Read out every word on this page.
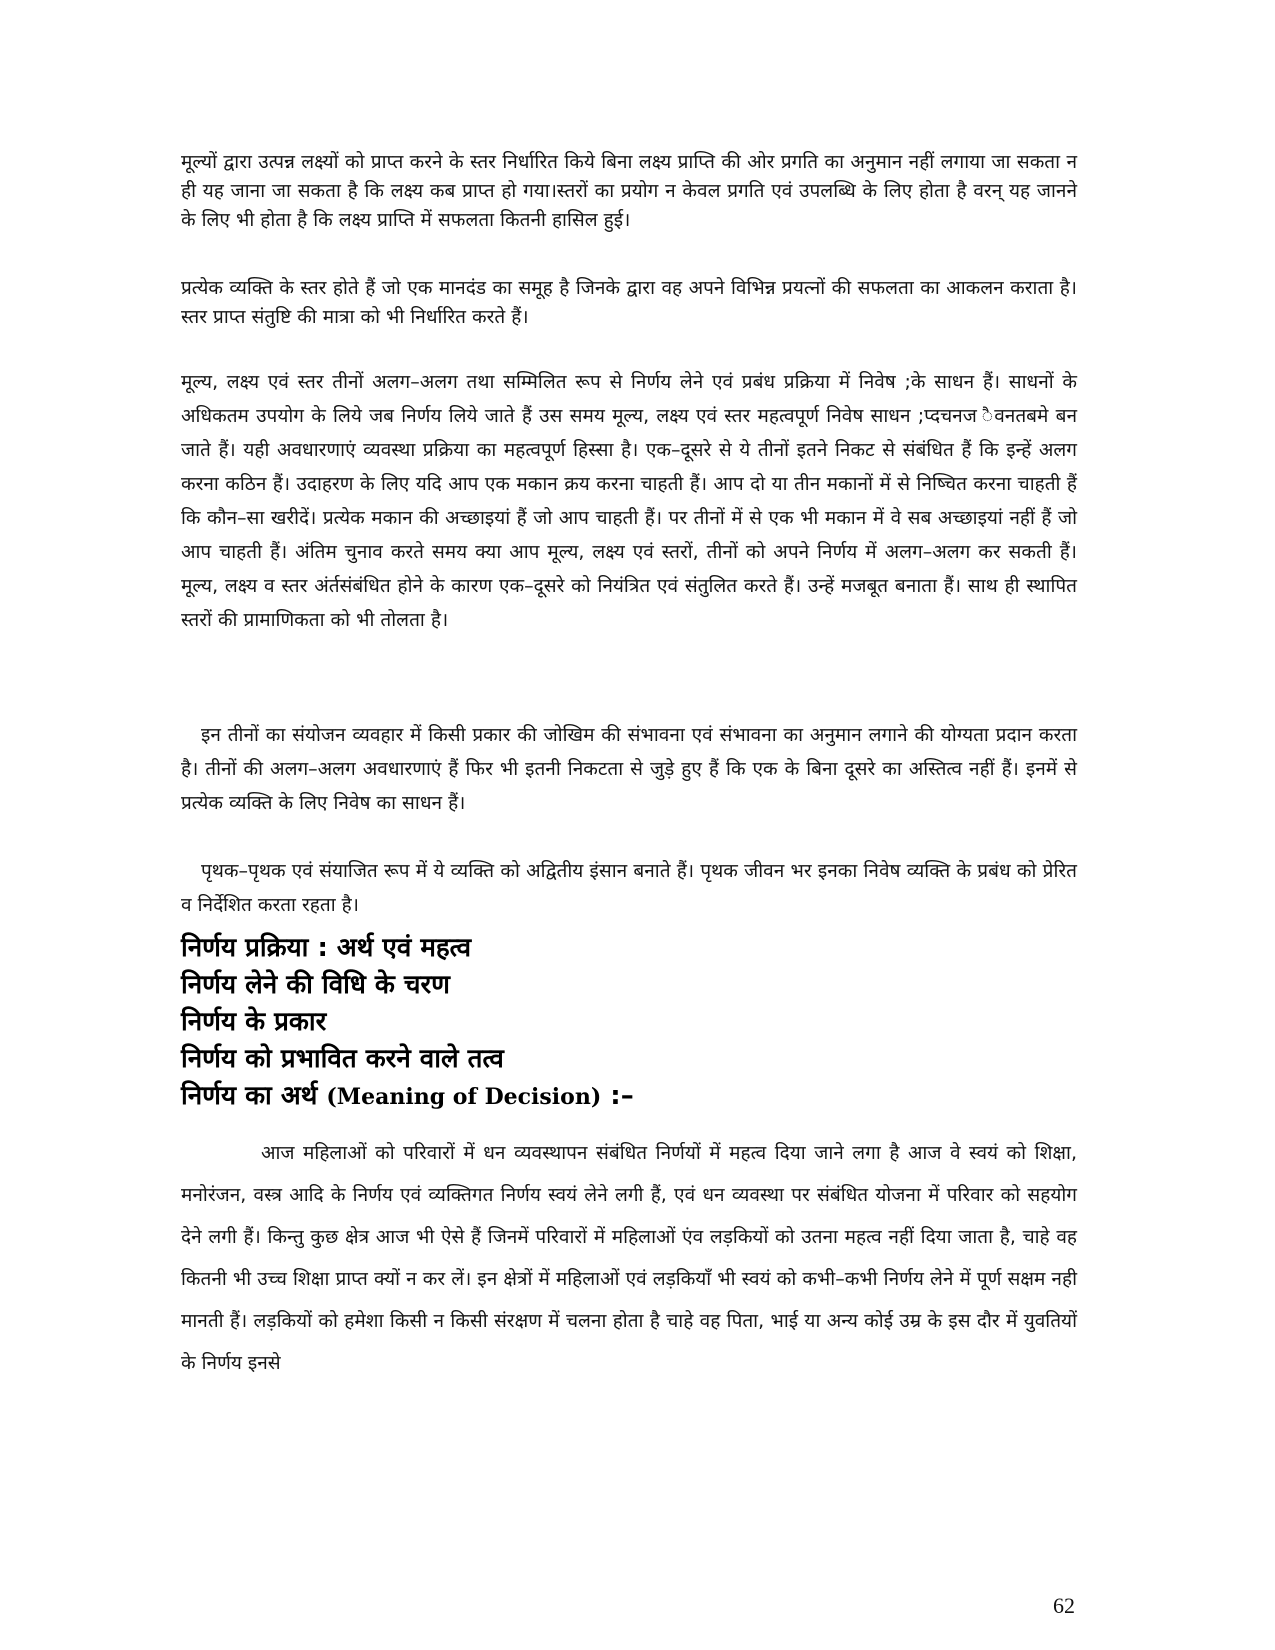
मूल्यों द्वारा उत्पन्न लक्ष्यों को प्राप्त करने के स्तर निर्धारित किये बिना लक्ष्य प्राप्ति की ओर प्रगति का अनुमान नहीं लगाया जा सकता न ही यह जाना जा सकता है कि लक्ष्य कब प्राप्त हो गया।स्तरों का प्रयोग न केवल प्रगति एवं उपलब्धि के लिए होता है वरन् यह जानने के लिए भी होता है कि लक्ष्य प्राप्ति में सफलता कितनी हासिल हुई।

प्रत्येक व्यक्ति के स्तर होते हैं जो एक मानदंड का समूह है जिनके द्वारा वह अपने विभिन्न प्रयत्नों की सफलता का आकलन कराता है।स्तर प्राप्त संतुष्टि की मात्रा को भी निर्धारित करते हैं।

मूल्य, लक्ष्य एवं स्तर तीनों अलग–अलग तथा सम्मिलित रूप से निर्णय लेने एवं प्रबंध प्रक्रिया में निवेष ;के साधन हैं। साधनों के अधिकतम उपयोग के लिये जब निर्णय लिये जाते हैं उस समय मूल्य, लक्ष्य एवं स्तर महत्वपूर्ण निवेष साधन ;प्दचनज ैवनतबमे बन जाते हैं। यही अवधारणाएं व्यवस्था प्रक्रिया का महत्वपूर्ण हिस्सा है। एक–दूसरे से ये तीनों इतने निकट से संबंधित हैं कि इन्हें अलग करना कठिन हैं। उदाहरण के लिए यदि आप एक मकान क्रय करना चाहती हैं। आप दो या तीन मकानों में से निष्चित करना चाहती हैं कि कौन–सा खरीदें। प्रत्येक मकान की अच्छाइयां हैं जो आप चाहती हैं। पर तीनों में से एक भी मकान में वे सब अच्छाइयां नहीं हैं जो आप चाहती हैं। अंतिम चुनाव करते समय क्या आप मूल्य, लक्ष्य एवं स्तरों, तीनों को अपने निर्णय में अलग–अलग कर सकती हैं। मूल्य, लक्ष्य व स्तर अंर्तसंबंधित होने के कारण एक–दूसरे को नियंत्रित एवं संतुलित करते हैं। उन्हें मजबूत बनाता हैं। साथ ही स्थापित स्तरों की प्रामाणिकता को भी तोलता है।

इन तीनों का संयोजन व्यवहार में किसी प्रकार की जोखिम की संभावना एवं संभावना का अनुमान लगाने की योग्यता प्रदान करता है। तीनों की अलग–अलग अवधारणाएं हैं फिर भी इतनी निकटता से जुड़े हुए हैं कि एक के बिना दूसरे का अस्तित्व नहीं हैं। इनमें से प्रत्येक व्यक्ति के लिए निवेष का साधन हैं।

पृथक–पृथक एवं संयाजित रूप में ये व्यक्ति को अद्वितीय इंसान बनाते हैं। पृथक जीवन भर इनका निवेष व्यक्ति के प्रबंध को प्रेरित व निर्देशित करता रहता है।

निर्णय प्रक्रिया : अर्थ एवं महत्व
निर्णय लेने की विधि के चरण
निर्णय के प्रकार
निर्णय को प्रभावित करने वाले तत्व
निर्णय का अर्थ (Meaning of Decision) :–

आज महिलाओं को परिवारों में धन व्यवस्थापन संबंधित निर्णयों में महत्व दिया जाने लगा है आज वे स्वयं को शिक्षा, मनोरंजन, वस्त्र आदि के निर्णय एवं व्यक्तिगत निर्णय स्वयं लेने लगी हैं, एवं धन व्यवस्था पर संबंधित योजना में परिवार को सहयोग देने लगी हैं। किन्तु कुछ क्षेत्र आज भी ऐसे हैं जिनमें परिवारों में महिलाओं एंव लड़कियों को उतना महत्व नहीं दिया जाता है, चाहे वह कितनी भी उच्च शिक्षा प्राप्त क्यों न कर लें। इन क्षेत्रों में महिलाओं एवं लड़कियॉं भी स्वयं को कभी–कभी निर्णय लेने में पूर्ण सक्षम नही मानती हैं। लड़कियों को हमेशा किसी न किसी संरक्षण में चलना होता है चाहे वह पिता, भाई या अन्य कोई उम्र के इस दौर में युवतियों के निर्णय इनसे

62
